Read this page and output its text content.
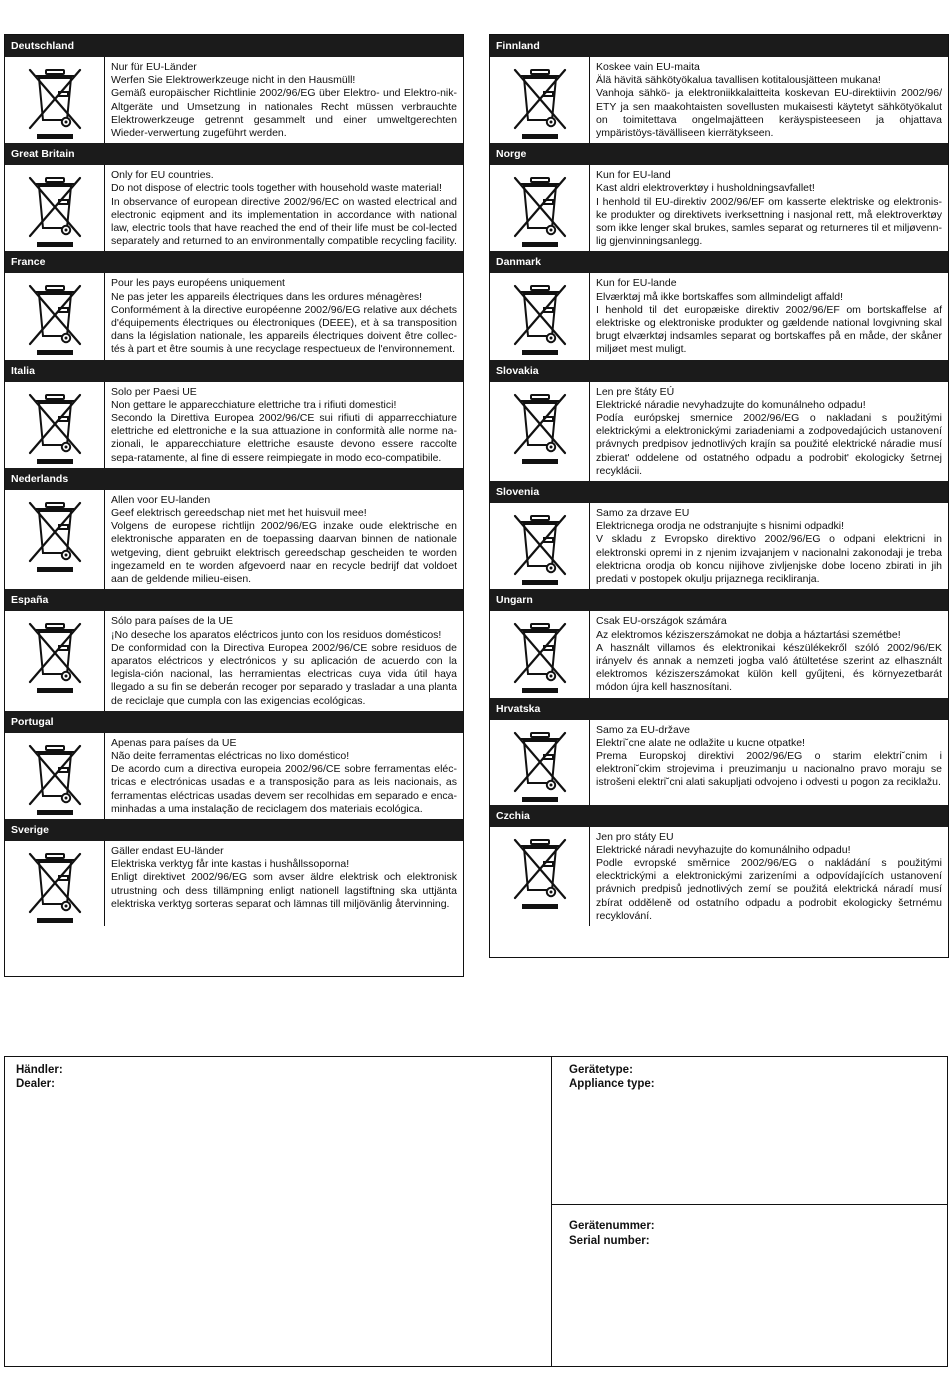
Deutschland
Nur für EU-Länder
Werfen Sie Elektrowerkzeuge nicht in den Hausmüll!
Gemäß europäischer Richtlinie 2002/96/EG über Elektro- und Elektro-nik-Altgeräte und Umsetzung in nationales Recht müssen verbrauchte Elektrowerkzeuge getrennt gesammelt und einer umweltgerechten Wieder-verwertung zugeführt werden.
Great Britain
Only for EU countries.
Do not dispose of electric tools together with household waste material!
In observance of european directive 2002/96/EC on wasted electrical and electronic eqipment and its implementation in accordance with national law, electric tools that have reached the end of their life must be col-lected separately and returned to an environmentally compatible recycling facility.
France
Pour les pays européens uniquement
Ne pas jeter les appareils électriques dans les ordures ménagères!
Conformément à la directive européenne 2002/96/EG relative aux déchets d'équipements électriques ou électroniques (DEEE), et à sa transposition dans la législation nationale, les appareils électriques doivent être collec-tés à part et être soumis à une recyclage respectueux de l'environnement.
Italia
Solo per Paesi UE
Non gettare le apparecchiature elettriche tra i rifiuti domestici!
Secondo la Direttiva Europea 2002/96/CE sui rifiuti di apparrecchiature elettriche ed elettroniche e la sua attuazione in conformità alle norme na-zionali, le apparecchiature elettriche esauste devono essere raccolte sepa-ratamente, al fine di essere reimpiegate in modo eco-compatibile.
Nederlands
Allen voor EU-landen
Geef elektrisch gereedschap niet met het huisvuil mee!
Volgens de europese richtlijn 2002/96/EG inzake oude elektrische en elektronische apparaten en de toepassing daarvan binnen de nationale wetgeving, dient gebruikt elektrisch gereedschap gescheiden te worden ingezameld en te worden afgevoerd naar en recycle bedrijf dat voldoet aan de geldende milieu-eisen.
España
Sólo para países de la UE
¡No deseche los aparatos eléctricos junto con los residuos domésticos!
De conformidad con la Directiva Europea 2002/96/CE sobre residuos de aparatos eléctricos y electrónicos y su aplicación de acuerdo con la legisla-ción nacional, las herramientas electricas cuya vida útil haya llegado a su fin se deberán recoger por separado y trasladar a una planta de reciclaje que cumpla con las exigencias ecológicas.
Portugal
Apenas para países da UE
Não deite ferramentas eléctricas no lixo doméstico!
De acordo cum a directiva europeia 2002/96/CE sobre ferramentas eléc-tricas e electrónicas usadas e a transposição para as leis nacionais, as ferramentas eléctricas usadas devem ser recolhidas em separado e enca-minhadas a uma instalação de reciclagem dos materiais ecológica.
Sverige
Gäller endast EU-länder
Elektriska verktyg får inte kastas i hushållssoporna!
Enligt direktivet 2002/96/EG som avser äldre elektrisk och elektronisk utrustning och dess tillämpning enligt nationell lagstiftning ska uttjänta elektriska verktyg sorteras separat och lämnas till miljövänlig återvinning.
Finnland
Koskee vain EU-maita
Älä hävitä sähkötyökalua tavallisen kotitalousjätteen mukana!
Vanhoja sähkö- ja elektroniikkalaitteita koskevan EU-direktiivin 2002/96/ ETY ja sen maakohtaisten sovellusten mukaisesti käytetyt sähkötyökalut on toimitettava ongelmajätteen keräyspisteeseen ja ohjattava ympäristöys-tävälliseen kierrätykseen.
Norge
Kun for EU-land
Kast aldri elektroverktøy i husholdningsavfallet!
I henhold til EU-direktiv 2002/96/EF om kasserte elektriske og elektronis-ke produkter og direktivets iverksettning i nasjonal rett, må elektroverktøy som ikke lenger skal brukes, samles separat og returneres til et miljøvenn-lig gjenvinningsanlegg.
Danmark
Kun for EU-lande
Elværktøj må ikke bortskaffes som allmindeligt affald!
I henhold til det europæiske direktiv 2002/96/EF om bortskaffelse af elektriske og elektroniske produkter og gældende national lovgivning skal brugt elværktøj indsamles separat og bortskaffes på en måde, der skåner miljøet mest muligt.
Slovakia
Len pre štáty EÚ
Elektrické náradie nevyhadzujte do komunálneho odpadu!
Podía európskej smernice 2002/96/EG o nakladani s použitými elektrickými a elektronickými zariadeniami a zodpovedajúcich ustanovení právnych predpisov jednotlivých krajín sa použité elektrické náradie musí zbierat' oddelene od ostatného odpadu a podrobit' ekologicky šetrnej recyklácii.
Slovenia
Samo za drzave EU
Elektricnega orodja ne odstranjujte s hisnimi odpadki!
V skladu z Evropsko direktivo 2002/96/EG o odpani elektricni in elektronski opremi in z njenim izvajanjem v nacionalni zakonodaji je treba elektricna orodja ob koncu nijihove zivljenjske dobe loceno zbirati in jih predati v postopek okulju prijaznega recikliranja.
Ungarn
Csak EU-országok számára
Az elektromos kéziszerszámokat ne dobja a háztartási szemétbe!
A használt villamos és elektronikai készülékekről szóló 2002/96/EK irányelv és annak a nemzeti jogba való átültetése szerint az elhasznált elektromos kéziszerszámokat külön kell gyűjteni, és környezetbarát módon újra kell hasznosítani.
Hrvatska
Samo za EU-države
Elektri˘cne alate ne odlažite u kucne otpatke!
Prema Europskoj direktivi 2002/96/EG o starim elektri˘cnim i elektroni˘ckim strojevima i preuzimanju u nacionalno pravo moraju se istrošeni elektri˘cni alati sakupljati odvojeno i odvesti u pogon za reciklažu.
Czchia
Jen pro státy EU
Elektrické náradi nevyhazujte do komunálniho odpadu!
Podle evropské směrnice 2002/96/EG o nakládání s použitými elecktrickými a elektronickými zarizeními a odpovídajících ustanovení právnich predpisů jednotlivých zemí se použitá elektrická náradí musí zbírat odděleně od ostatního odpadu a podrobit ekologicky šetrnému recyklování.
Händler:
Dealer:
Gerätetype:
Appliance type:
Gerätenummer:
Serial number:
